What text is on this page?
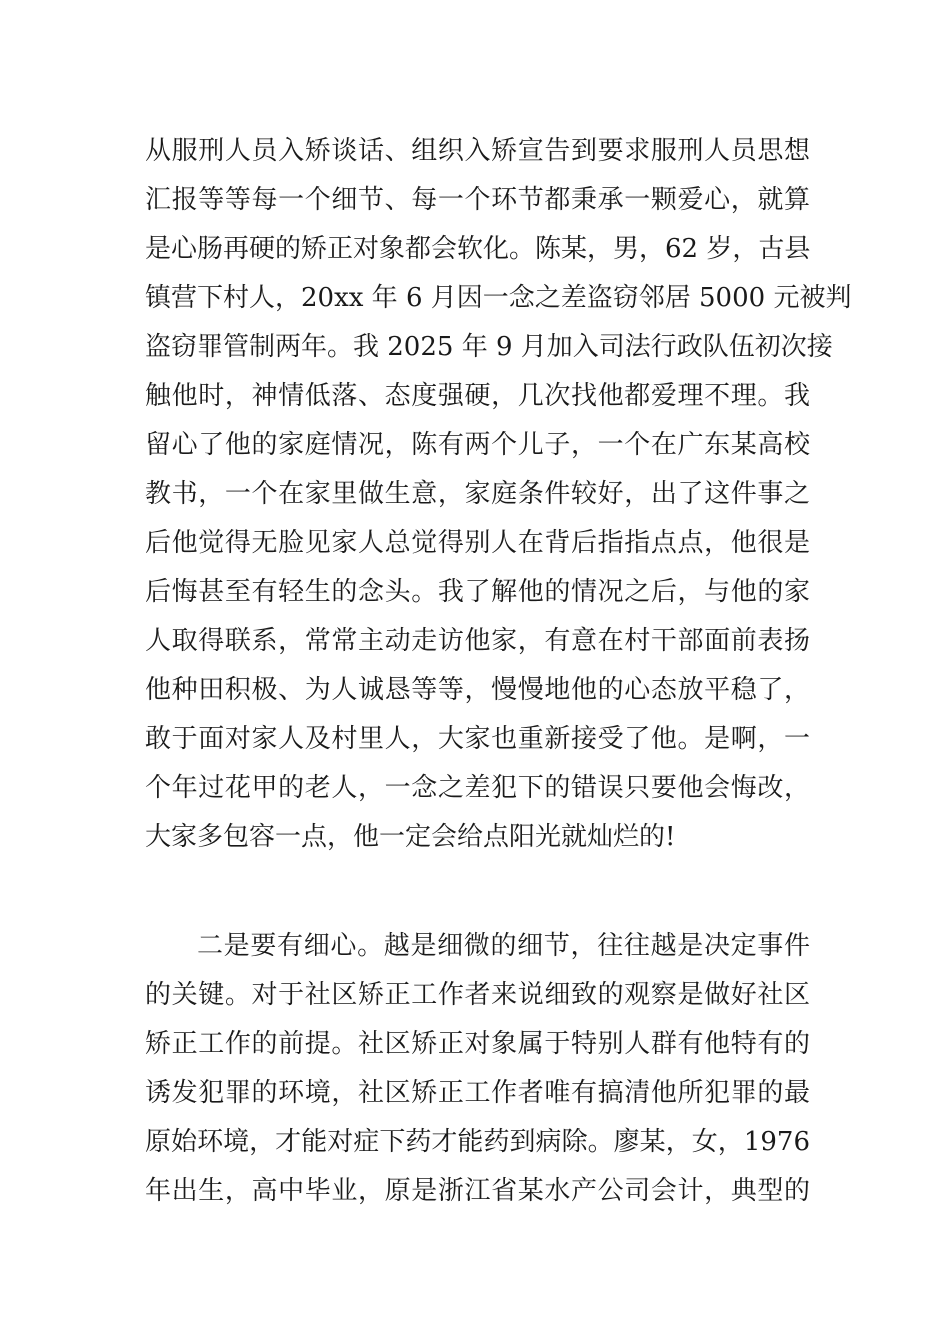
从服刑人员入矫谈话、组织入矫宣告到要求服刑人员思想
汇报等等每一个细节、每一个环节都秉承一颗爱心，就算
是心肠再硬的矫正对象都会软化。陈某，男，62 岁，古县
镇营下村人，20xx 年 6 月因一念之差盗窃邻居 5000 元被判
盗窃罪管制两年。我 2025 年 9 月加入司法行政队伍初次接
触他时，神情低落、态度强硬，几次找他都爱理不理。我
留心了他的家庭情况，陈有两个儿子，一个在广东某高校
教书，一个在家里做生意，家庭条件较好，出了这件事之
后他觉得无脸见家人总觉得别人在背后指指点点，他很是
后悔甚至有轻生的念头。我了解他的情况之后，与他的家
人取得联系，常常主动走访他家，有意在村干部面前表扬
他种田积极、为人诚恳等等，慢慢地他的心态放平稳了，
敢于面对家人及村里人，大家也重新接受了他。是啊，一
个年过花甲的老人，一念之差犯下的错误只要他会悔改，
大家多包容一点，他一定会给点阳光就灿烂的!
二是要有细心。越是细微的细节，往往越是决定事件
的关键。对于社区矫正工作者来说细致的观察是做好社区
矫正工作的前提。社区矫正对象属于特别人群有他特有的
诱发犯罪的环境，社区矫正工作者唯有搞清他所犯罪的最
原始环境，才能对症下药才能药到病除。廖某，女，1976
年出生，高中毕业，原是浙江省某水产公司会计，典型的
